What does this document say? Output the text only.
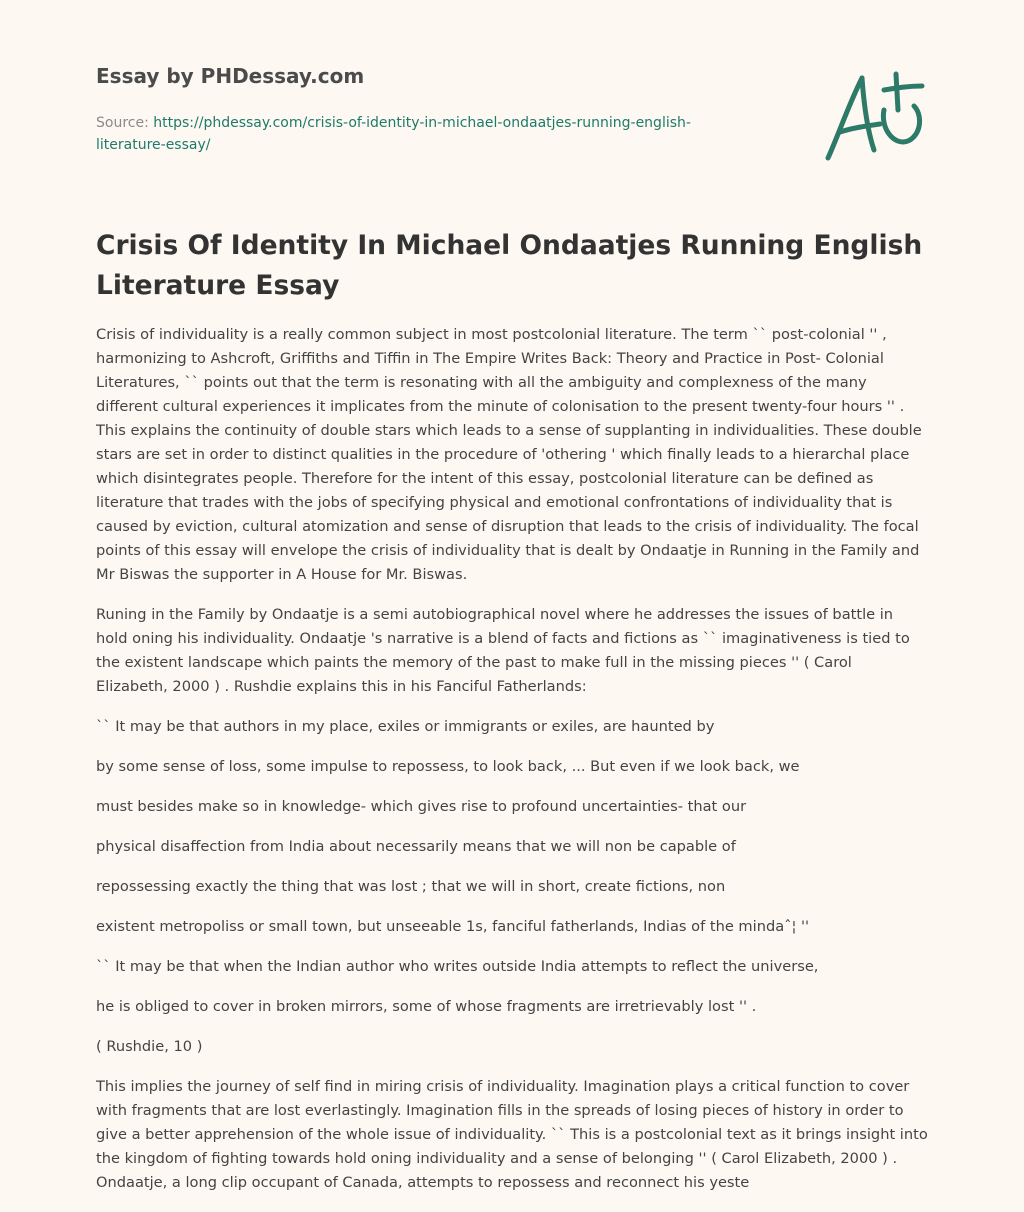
Essay by PHDessay.com
Source: https://phdessay.com/crisis-of-identity-in-michael-ondaatjes-running-english-
literature-essay/
Crisis Of Identity In Michael Ondaatjes Running English Literature Essay

Crisis of individuality is a really common subject in most postcolonial literature. The term `` post-colonial '' , harmonizing to Ashcroft, Griffiths and Tiffin in The Empire Writes Back: Theory and Practice in Post- Colonial Literatures, `` points out that the term is resonating with all the ambiguity and complexness of the many different cultural experiences it implicates from the minute of colonisation to the present twenty-four hours '' . This explains the continuity of double stars which leads to a sense of supplanting in individualities. These double stars are set in order to distinct qualities in the procedure of 'othering ' which finally leads to a hierarchal place which disintegrates people. Therefore for the intent of this essay, postcolonial literature can be defined as literature that trades with the jobs of specifying physical and emotional confrontations of individuality that is caused by eviction, cultural atomization and sense of disruption that leads to the crisis of individuality. The focal points of this essay will envelope the crisis of individuality that is dealt by Ondaatje in Running in the Family and Mr Biswas the supporter in A House for Mr. Biswas.

Runing in the Family by Ondaatje is a semi autobiographical novel where he addresses the issues of battle in hold oning his individuality. Ondaatje 's narrative is a blend of facts and fictions as `` imaginativeness is tied to the existent landscape which paints the memory of the past to make full in the missing pieces '' ( Carol Elizabeth, 2000 ) . Rushdie explains this in his Fanciful Fatherlands:

`` It may be that authors in my place, exiles or immigrants or exiles, are haunted by

by some sense of loss, some impulse to repossess, to look back, ... But even if we look back, we

must besides make so in knowledge- which gives rise to profound uncertainties- that our

physical disaffection from India about necessarily means that we will non be capable of

repossessing exactly the thing that was lost ; that we will in short, create fictions, non

existent metropoliss or small town, but unseeable 1s, fanciful fatherlands, Indias of the mindaˆ¦ ''

`` It may be that when the Indian author who writes outside India attempts to reflect the universe,

he is obliged to cover in broken mirrors, some of whose fragments are irretrievably lost '' .

( Rushdie, 10 )

This implies the journey of self find in miring crisis of individuality. Imagination plays a critical function to cover with fragments that are lost everlastingly. Imagination fills in the spreads of losing pieces of history in order to give a better apprehension of the whole issue of individuality. `` This is a postcolonial text as it brings insight into the kingdom of fighting towards hold oning individuality and a sense of belonging '' ( Carol Elizabeth, 2000 ) . Ondaatje, a long clip occupant of Canada, attempts to repossess and reconnect his yeste
